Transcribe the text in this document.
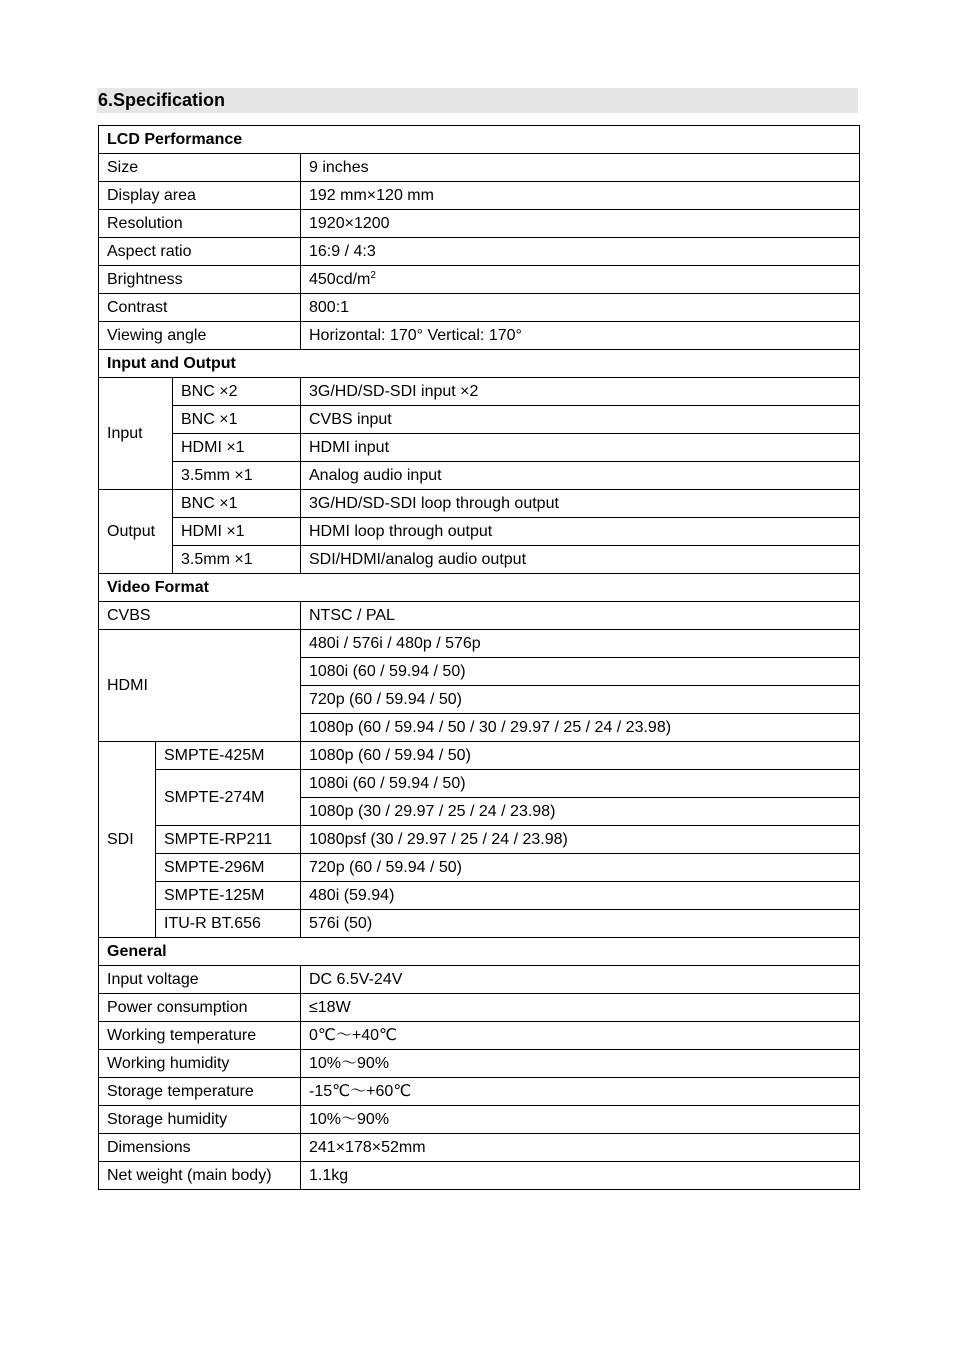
6.Specification
LCD Performance			
Size			9 inches
Display area			192 mm×120 mm
Resolution			1920×1200
Aspect ratio			16:9 / 4:3
Brightness			$450cd/m^2$
Contrast			800:1
Viewing angle			Horizontal: 170° Vertical: 170°
Input and Output			
Input		BNC ×2	3G/HD/SD-SDI input ×2
		BNC ×1	CVBS input
		HDMI ×1	HDMI input
		3.5mm ×1	Analog audio input
Output		BNC ×1	3G/HD/SD-SDI loop through output
		HDMI ×1	HDMI loop through output
		3.5mm ×1	SDI/HDMI/analog audio output
Video Format			
CVBS			NTSC / PAL
HDMI			480i / 576i / 480p / 576p
			1080i (60 / 59.94 / 50)
			720p (60 / 59.94 / 50)
			1080p (60 / 59.94 / 50 / 30 / 29.97 / 25 / 24 / 23.98)
SDI	SMPTE-425M		1080p (60 / 59.94 / 50)
	SMPTE-274M		1080i (60 / 59.94 / 50)
			1080p (30 / 29.97 / 25 / 24 / 23.98)
	SMPTE-RP211		1080psf (30 / 29.97 / 25 / 24 / 23.98)
	SMPTE-296M		720p (60 / 59.94 / 50)
	SMPTE-125M		480i (59.94)
	ITU-R BT.656		576i (50)
General			
Input voltage			DC 6.5V-24V
Power consumption			≤18W
Working temperature			0℃～+40℃
Working humidity			10%～90%
Storage temperature			-15℃～+60℃
Storage humidity			10%～90%
Dimensions			241×178×52mm
Net weight (main body)			1.1kg
